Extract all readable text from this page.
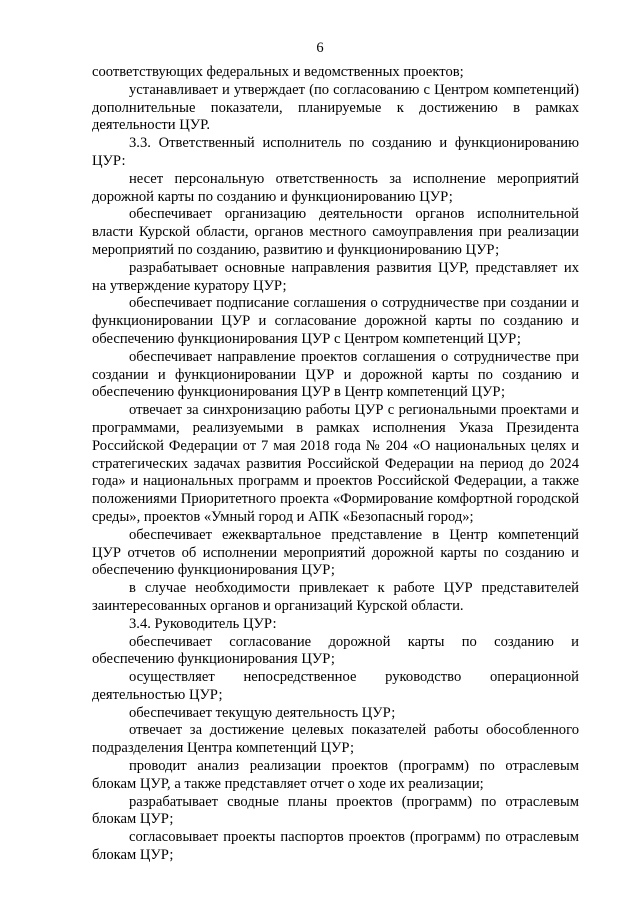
6

соответствующих федеральных и ведомственных проектов;

устанавливает и утверждает (по согласованию с Центром компетенций) дополнительные показатели, планируемые к достижению в рамках деятельности ЦУР.

3.3. Ответственный исполнитель по созданию и функционированию ЦУР:

несет персональную ответственность за исполнение мероприятий дорожной карты по созданию и функционированию ЦУР;

обеспечивает организацию деятельности органов исполнительной власти Курской области, органов местного самоуправления при реализации мероприятий по созданию, развитию и функционированию ЦУР;

разрабатывает основные направления развития ЦУР, представляет их на утверждение куратору ЦУР;

обеспечивает подписание соглашения о сотрудничестве при создании и функционировании ЦУР и согласование дорожной карты по созданию и обеспечению функционирования ЦУР с Центром компетенций ЦУР;

обеспечивает направление проектов соглашения о сотрудничестве при создании и функционировании ЦУР и дорожной карты по созданию и обеспечению функционирования ЦУР в Центр компетенций ЦУР;

отвечает за синхронизацию работы ЦУР с региональными проектами и программами, реализуемыми в рамках исполнения Указа Президента Российской Федерации от 7 мая 2018 года № 204 «О национальных целях и стратегических задачах развития Российской Федерации на период до 2024 года» и национальных программ и проектов Российской Федерации, а также положениями Приоритетного проекта «Формирование комфортной городской среды», проектов «Умный город и АПК «Безопасный город»;

обеспечивает ежеквартальное представление в Центр компетенций ЦУР отчетов об исполнении мероприятий дорожной карты по созданию и обеспечению функционирования ЦУР;

в случае необходимости привлекает к работе ЦУР представителей заинтересованных органов и организаций Курской области.

3.4. Руководитель ЦУР:

обеспечивает согласование дорожной карты по созданию и обеспечению функционирования ЦУР;

осуществляет непосредственное руководство операционной деятельностью ЦУР;

обеспечивает текущую деятельность ЦУР;

отвечает за достижение целевых показателей работы обособленного подразделения Центра компетенций ЦУР;

проводит анализ реализации проектов (программ) по отраслевым блокам ЦУР, а также представляет отчет о ходе их реализации;

разрабатывает сводные планы проектов (программ) по отраслевым блокам ЦУР;

согласовывает проекты паспортов проектов (программ) по отраслевым блокам ЦУР;
